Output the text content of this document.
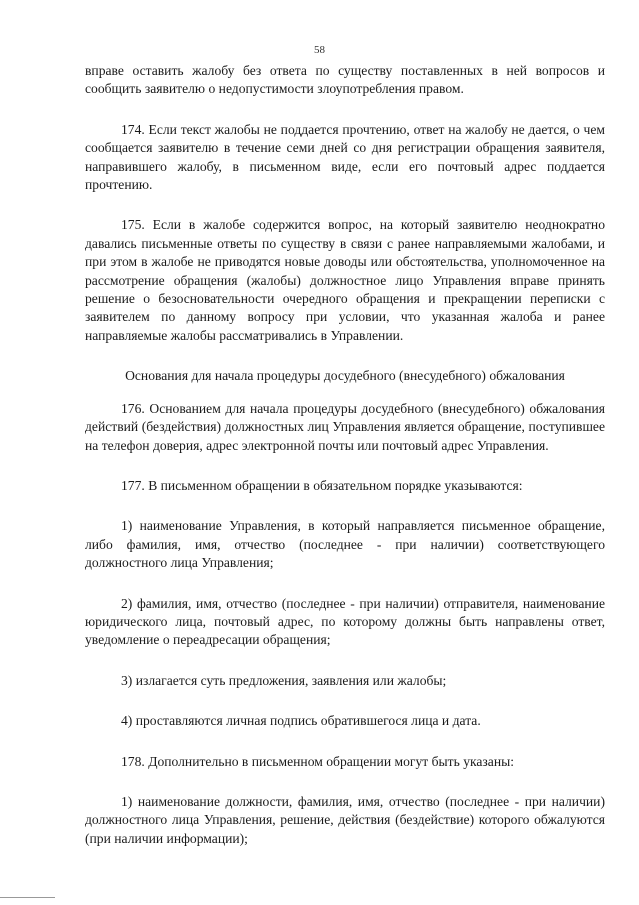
58

вправе оставить жалобу без ответа по существу поставленных в ней вопросов и сообщить заявителю о недопустимости злоупотребления правом.

174. Если текст жалобы не поддается прочтению, ответ на жалобу не дается, о чем сообщается заявителю в течение семи дней со дня регистрации обращения заявителя, направившего жалобу, в письменном виде, если его почтовый адрес поддается прочтению.

175. Если в жалобе содержится вопрос, на который заявителю неоднократно давались письменные ответы по существу в связи с ранее направляемыми жалобами, и при этом в жалобе не приводятся новые доводы или обстоятельства, уполномоченное на рассмотрение обращения (жалобы) должностное лицо Управления вправе принять решение о безосновательности очередного обращения и прекращении переписки с заявителем по данному вопросу при условии, что указанная жалоба и ранее направляемые жалобы рассматривались в Управлении.

Основания для начала процедуры досудебного (внесудебного) обжалования

176. Основанием для начала процедуры досудебного (внесудебного) обжалования действий (бездействия) должностных лиц Управления является обращение, поступившее на телефон доверия, адрес электронной почты или почтовый адрес Управления.

177. В письменном обращении в обязательном порядке указываются:

1) наименование Управления, в который направляется письменное обращение, либо фамилия, имя, отчество (последнее - при наличии) соответствующего должностного лица Управления;

2) фамилия, имя, отчество (последнее - при наличии) отправителя, наименование юридического лица, почтовый адрес, по которому должны быть направлены ответ, уведомление о переадресации обращения;

3) излагается суть предложения, заявления или жалобы;

4) проставляются личная подпись обратившегося лица и дата.

178. Дополнительно в письменном обращении могут быть указаны:

1) наименование должности, фамилия, имя, отчество (последнее - при наличии) должностного лица Управления, решение, действия (бездействие) которого обжалуются (при наличии информации);
